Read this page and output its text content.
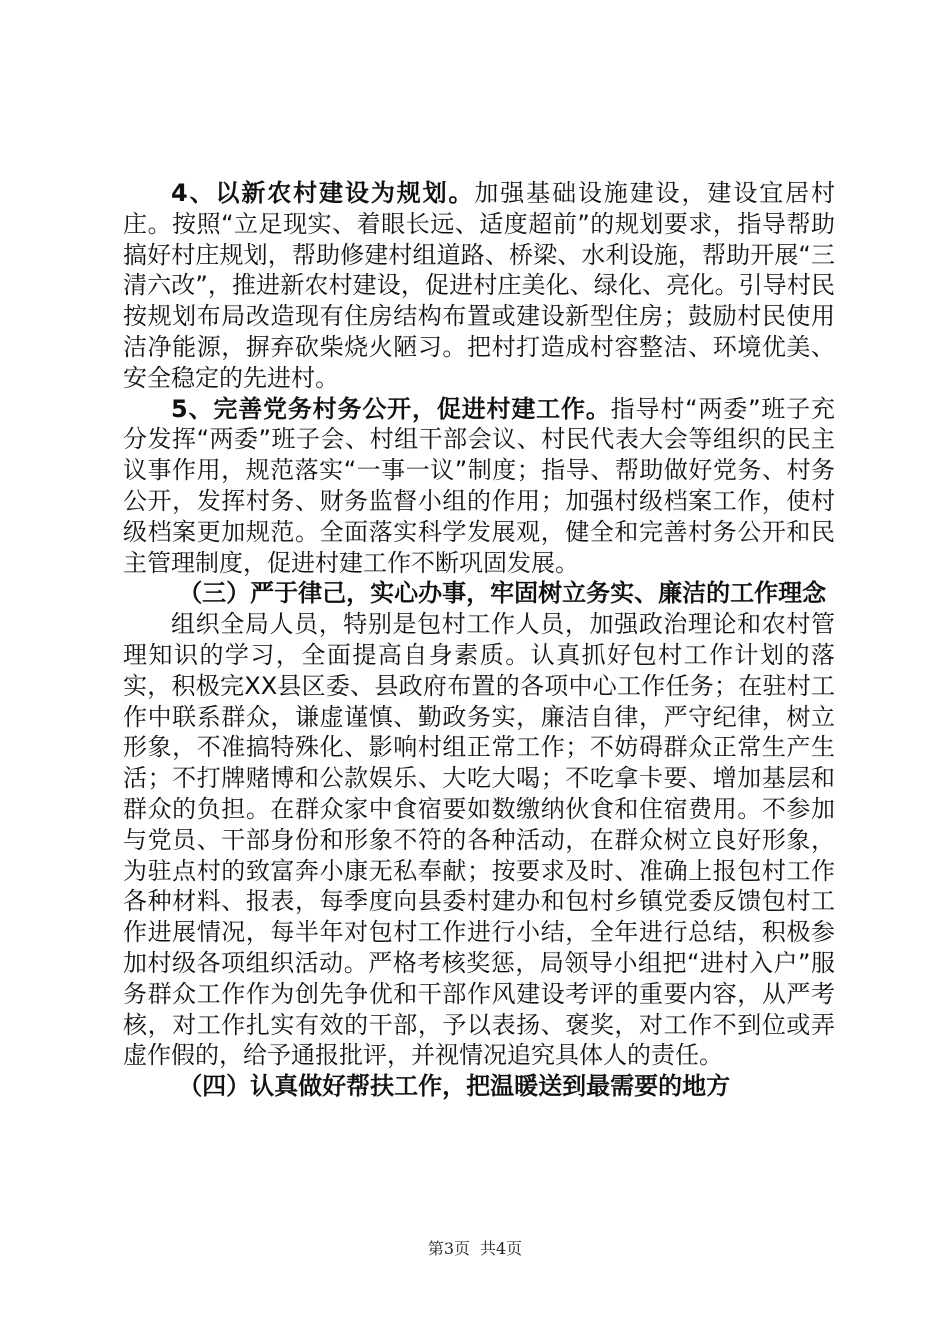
4、以新农村建设为规划。加强基础设施建设，建设宜居村庄。按照“立足现实、着眼长远、适度超前”的规划要求，指导帮助搞好村庄规划，帮助修建村组道路、桥梁、水利设施，帮助开展“三清六改”，推进新农村建设，促进村庄美化、绿化、亮化。引导村民按规划布局改造现有住房结构布置或建设新型住房；鼓励村民使用洁净能源，摒弃砍柴烧火陋习。把村打造成村容整洁、环境优美、安全稳定的先进村。

5、完善党务村务公开，促进村建工作。指导村“两委”班子充分发挥“两委”班子会、村组干部会议、村民代表大会等组织的民主议事作用，规范落实“一事一议”制度；指导、帮助做好党务、村务公开，发挥村务、财务监督小组的作用；加强村级档案工作，使村级档案更加规范。全面落实科学发展观，健全和完善村务公开和民主管理制度，促进村建工作不断巩固发展。

（三）严于律己，实心办事，牢固树立务实、廉洁的工作理念

组织全局人员，特别是包村工作人员，加强政治理论和农村管理知识的学习，全面提高自身素质。认真抓好包村工作计划的落实，积极完XX县区委、县政府布置的各项中心工作任务；在驻村工作中联系群众，谦虚谨慎、勤政务实，廉洁自律，严守纪律，树立形象，不准搞特殊化、影响村组正常工作；不妨碍群众正常生产生活；不打牌赌博和公款娱乐、大吃大喝；不吃拿卡要、增加基层和群众的负担。在群众家中食宿要如数缴纳伙食和住宿费用。不参加与党员、干部身份和形象不符的各种活动，在群众树立良好形象，为驻点村的致富奔小康无私奉献；按要求及时、准确上报包村工作各种材料、报表，每季度向县委村建办和包村乡镇党委反馈包村工作进展情况，每半年对包村工作进行小结，全年进行总结，积极参加村级各项组织活动。严格考核奖惩，局领导小组把“进村入户”服务群众工作作为创先争优和干部作风建设考评的重要内容，从严考核，对工作扎实有效的干部，予以表扬、褒奖，对工作不到位或弄虚作假的，给予通报批评，并视情况追究具体人的责任。

（四）认真做好帮扶工作，把温暖送到最需要的地方

第3页 共4页
